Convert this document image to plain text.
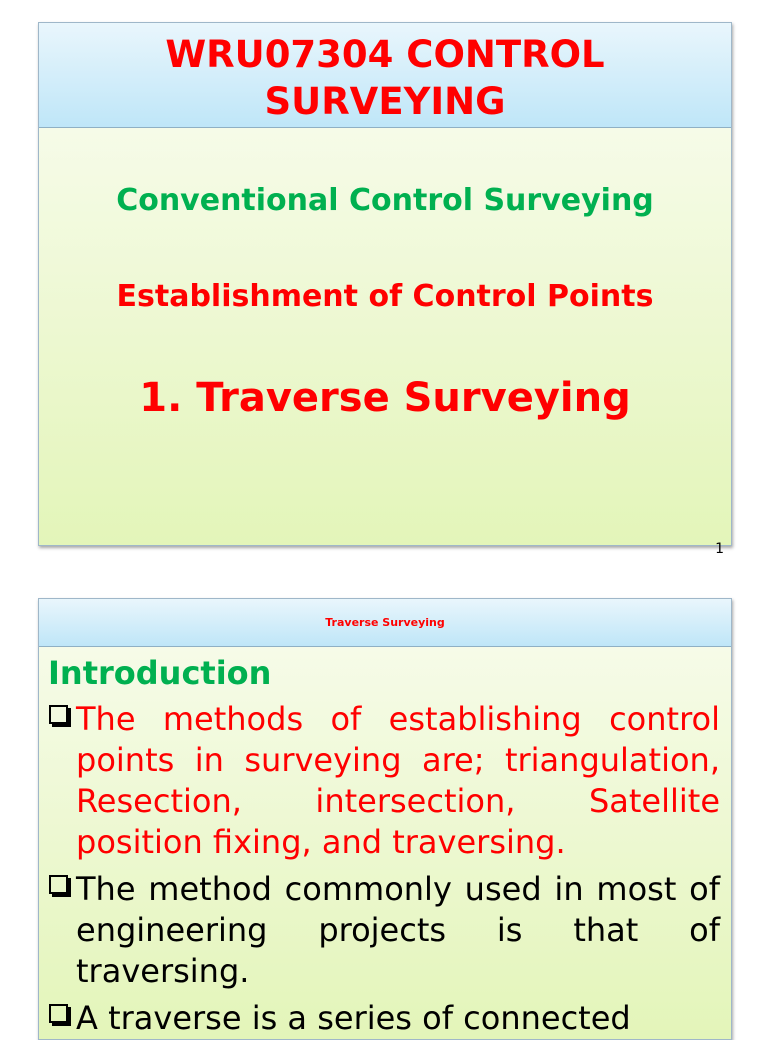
WRU07304 CONTROL SURVEYING
Conventional Control Surveying
Establishment of Control Points
1. Traverse Surveying
1
Traverse Surveying
Introduction
The methods of establishing control points in surveying are; triangulation, Resection, intersection, Satellite position fixing, and traversing.
The method commonly used in most of engineering projects is that of traversing.
A traverse is a series of connected
